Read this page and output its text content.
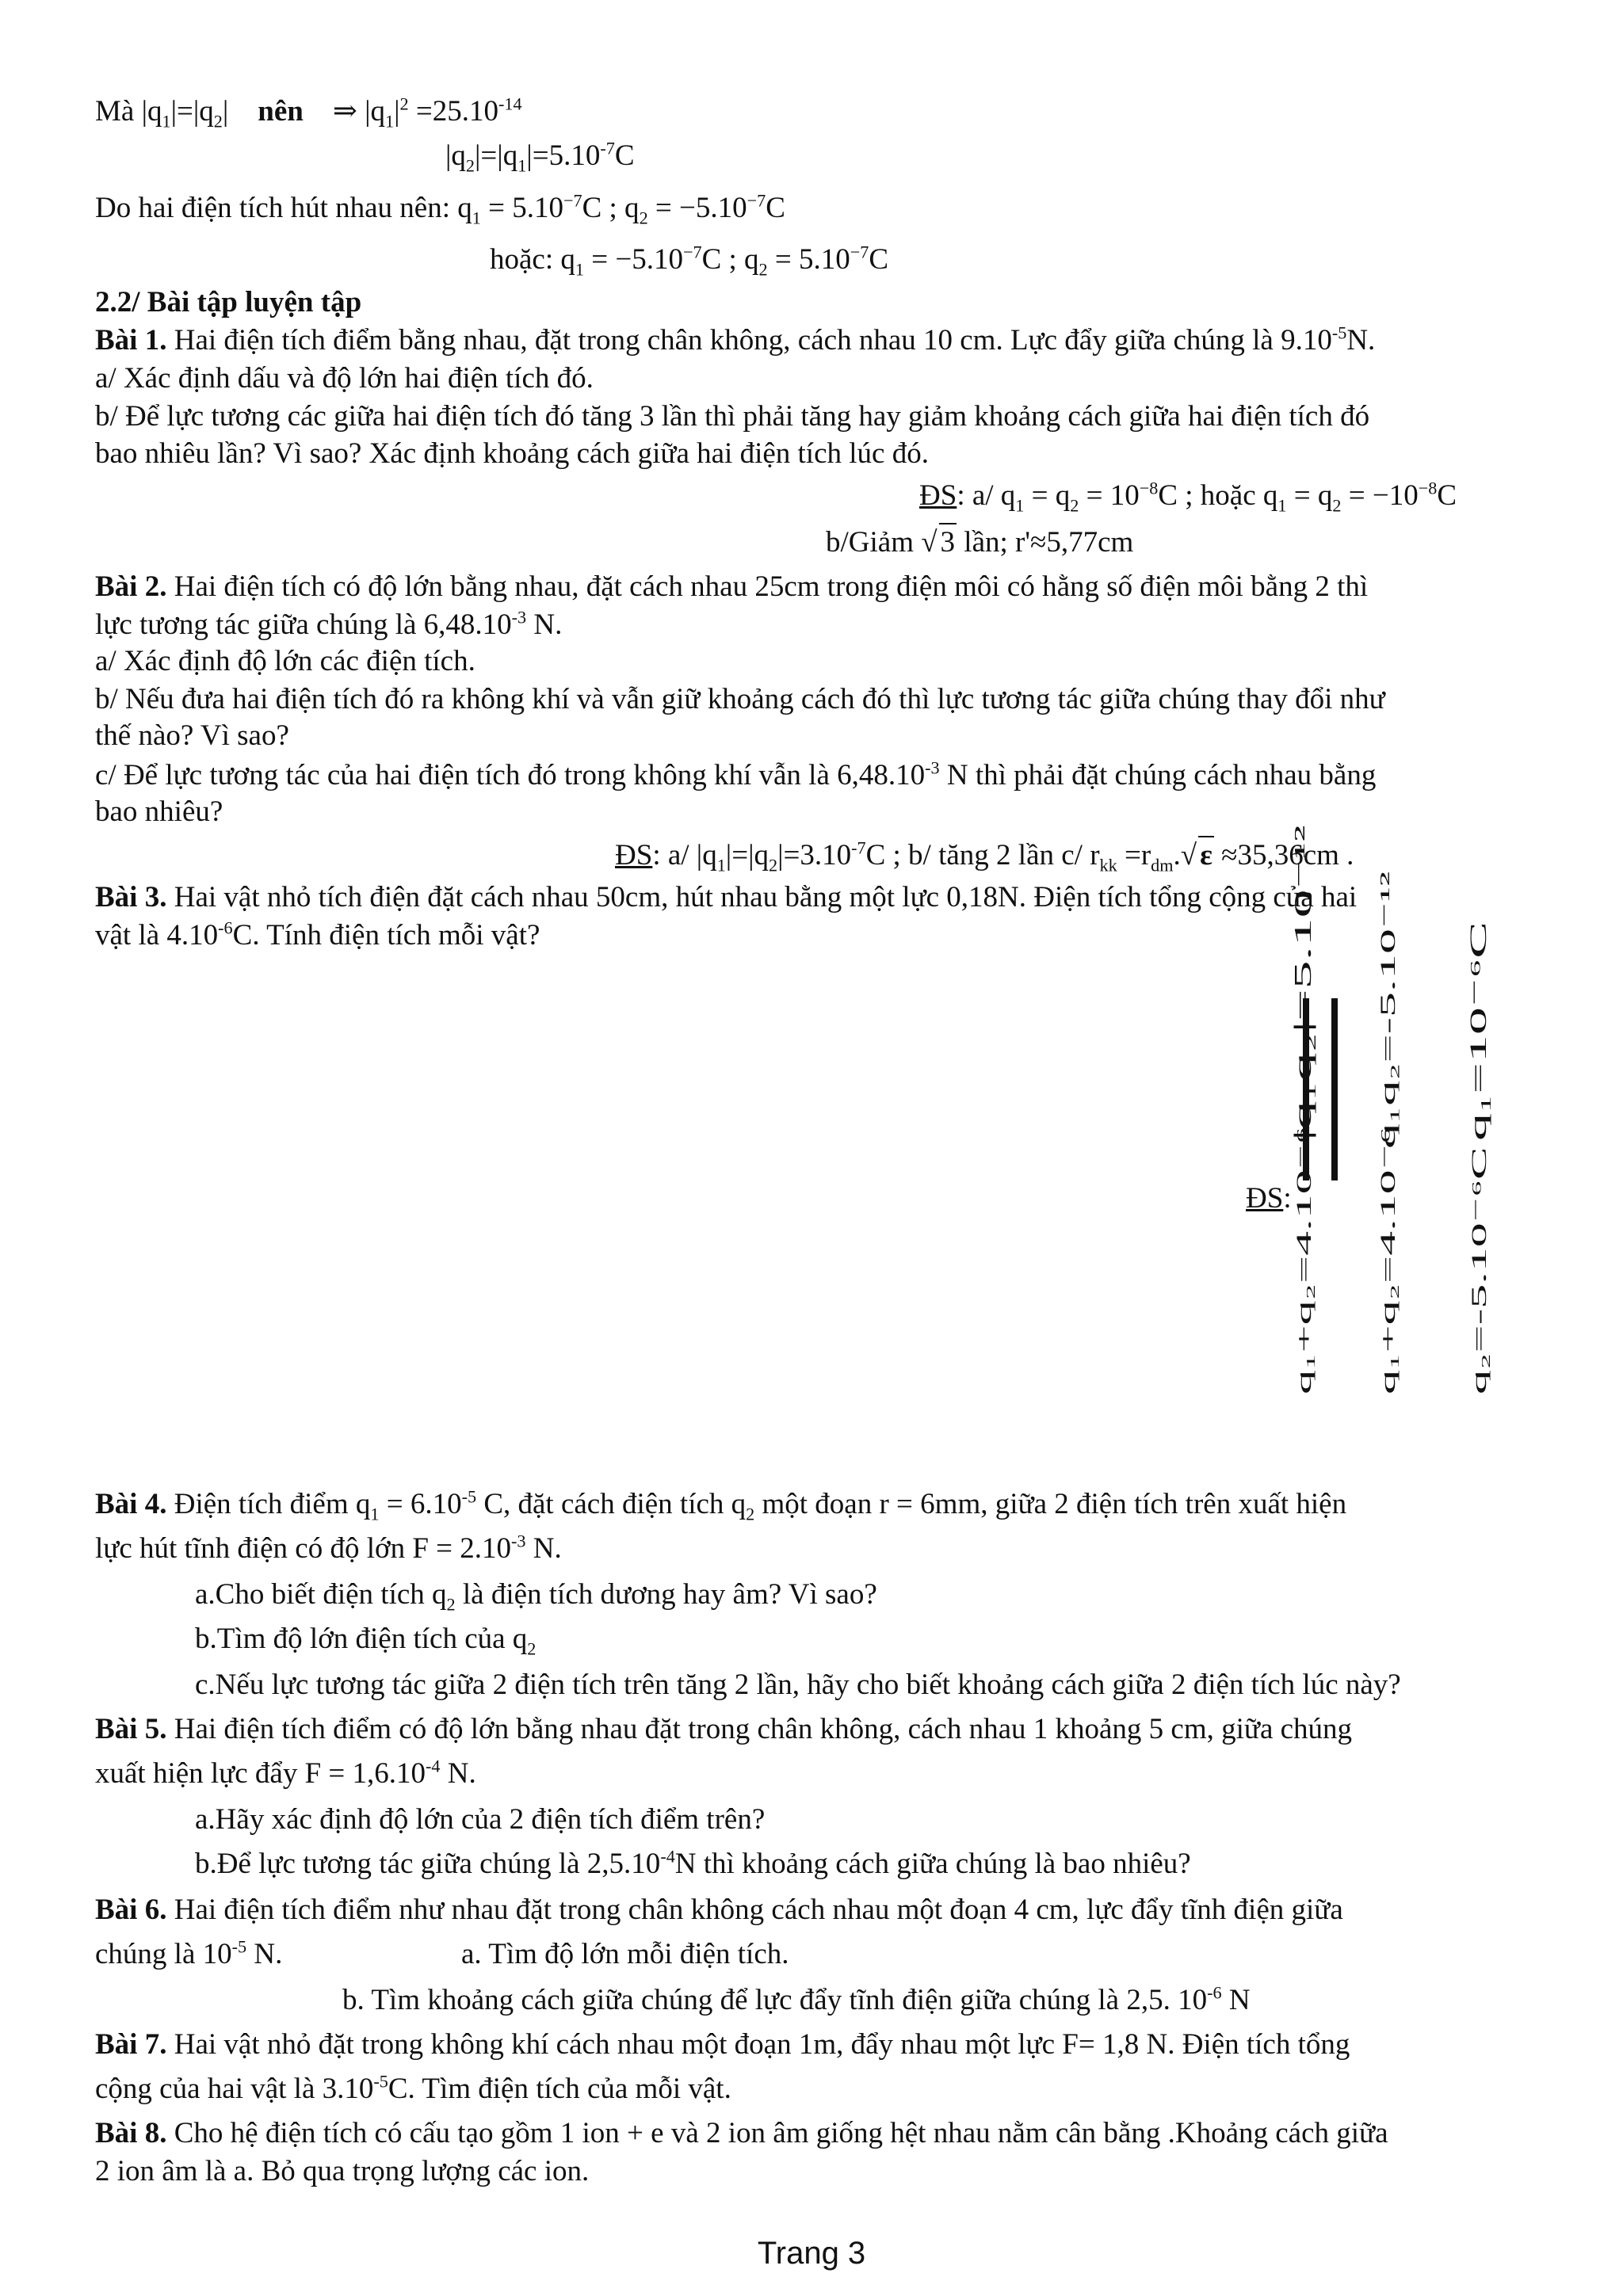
Mà $|q_1|=|q_2|$ nên ⇒ $|q_1|^2 =25.10^{-14}$
$|q_2|=|q_1|=5.10^{-7}C$
Do hai điện tích hút nhau nên: $q_1 = 5.10^{-7}C$ ; $q_2 = -5.10^{-7}C$
hoặc: $q_1 = -5.10^{-7}C$ ; $q_2 = 5.10^{-7}C$
2.2/ Bài tập luyện tập
Bài 1. Hai điện tích điểm bằng nhau, đặt trong chân không, cách nhau 10 cm. Lực đẩy giữa chúng là $9.10^{-5}N$.
a/ Xác định dấu và độ lớn hai điện tích đó.
b/ Để lực tương các giữa hai điện tích đó tăng 3 lần thì phải tăng hay giảm khoảng cách giữa hai điện tích đó
bao nhiêu lần? Vì sao? Xác định khoảng cách giữa hai điện tích lúc đó.
ĐS: a/ $q_1 = q_2 = 10^{-8}C$ ; hoặc $q_1 = q_2 = -10^{-8}C$
b/Giảm √ 3 lần; r'≈5,77cm
Bài 2. Hai điện tích có độ lớn bằng nhau, đặt cách nhau 25cm trong điện môi có hằng số điện môi bằng 2 thì
lực tương tác giữa chúng là $6,48.10^{-3}$ N.
a/ Xác định độ lớn các điện tích.
b/ Nếu đưa hai điện tích đó ra không khí và vẫn giữ khoảng cách đó thì lực tương tác giữa chúng thay đổi như
thế nào? Vì sao?
c/ Để lực tương tác của hai điện tích đó trong không khí vẫn là $6,48.10^{-3}$ N thì phải đặt chúng cách nhau bằng
bao nhiêu?
ĐS: a/ $|q_1|=|q_2|=3.10^{-7}C$ ; b/ tăng 2 lần c/ $r_{kk} =r_{dm}.√$ ε ≈35,36cm .
Bài 3. Hai vật nhỏ tích điện đặt cách nhau 50cm, hút nhau bằng một lực 0,18N. Điện tích tổng cộng của hai
vật là $4.10^{-6}C$. Tính điện tích mỗi vật?
ĐS:
|q₁q₂|=5.10⁻¹² q₁q₂=-5.10⁻¹² q₁=10⁻⁶C
q₁+q₂=4.10⁻⁶ q₁+q₂=4.10⁻⁶ q₂=-5.10⁻⁶C
Bài 4. Điện tích điểm $q_1 = 6.10^{-5}$ C, đặt cách điện tích $q_2$ một đoạn r = 6mm, giữa 2 điện tích trên xuất hiện
lực hút tĩnh điện có độ lớn $F = 2.10^{-3}$ N.
a.Cho biết điện tích $q_2$ là điện tích dương hay âm? Vì sao?
b.Tìm độ lớn điện tích của $q_2$
c.Nếu lực tương tác giữa 2 điện tích trên tăng 2 lần, hãy cho biết khoảng cách giữa 2 điện tích lúc này?
Bài 5. Hai điện tích điểm có độ lớn bằng nhau đặt trong chân không, cách nhau 1 khoảng 5 cm, giữa chúng
xuất hiện lực đẩy $F = 1,6.10^{-4}$ N.
a.Hãy xác định độ lớn của 2 điện tích điểm trên?
b.Để lực tương tác giữa chúng là $2,5.10^{-4}N$ thì khoảng cách giữa chúng là bao nhiêu?
Bài 6. Hai điện tích điểm như nhau đặt trong chân không cách nhau một đoạn 4 cm, lực đẩy tĩnh điện giữa
chúng là $10^{-5}$ N.	a. Tìm độ lớn mỗi điện tích.
b. Tìm khoảng cách giữa chúng để lực đẩy tĩnh điện giữa chúng là 2,5. $10^{-6}$ N
Bài 7. Hai vật nhỏ đặt trong không khí cách nhau một đoạn 1m, đẩy nhau một lực F= 1,8 N. Điện tích tổng
cộng của hai vật là $3.10^{-5}C$. Tìm điện tích của mỗi vật.
Bài 8. Cho hệ điện tích có cấu tạo gồm 1 ion + e và 2 ion âm giống hệt nhau nằm cân bằng .Khoảng cách giữa
2 ion âm là a. Bỏ qua trọng lượng các ion.
Trang 3
